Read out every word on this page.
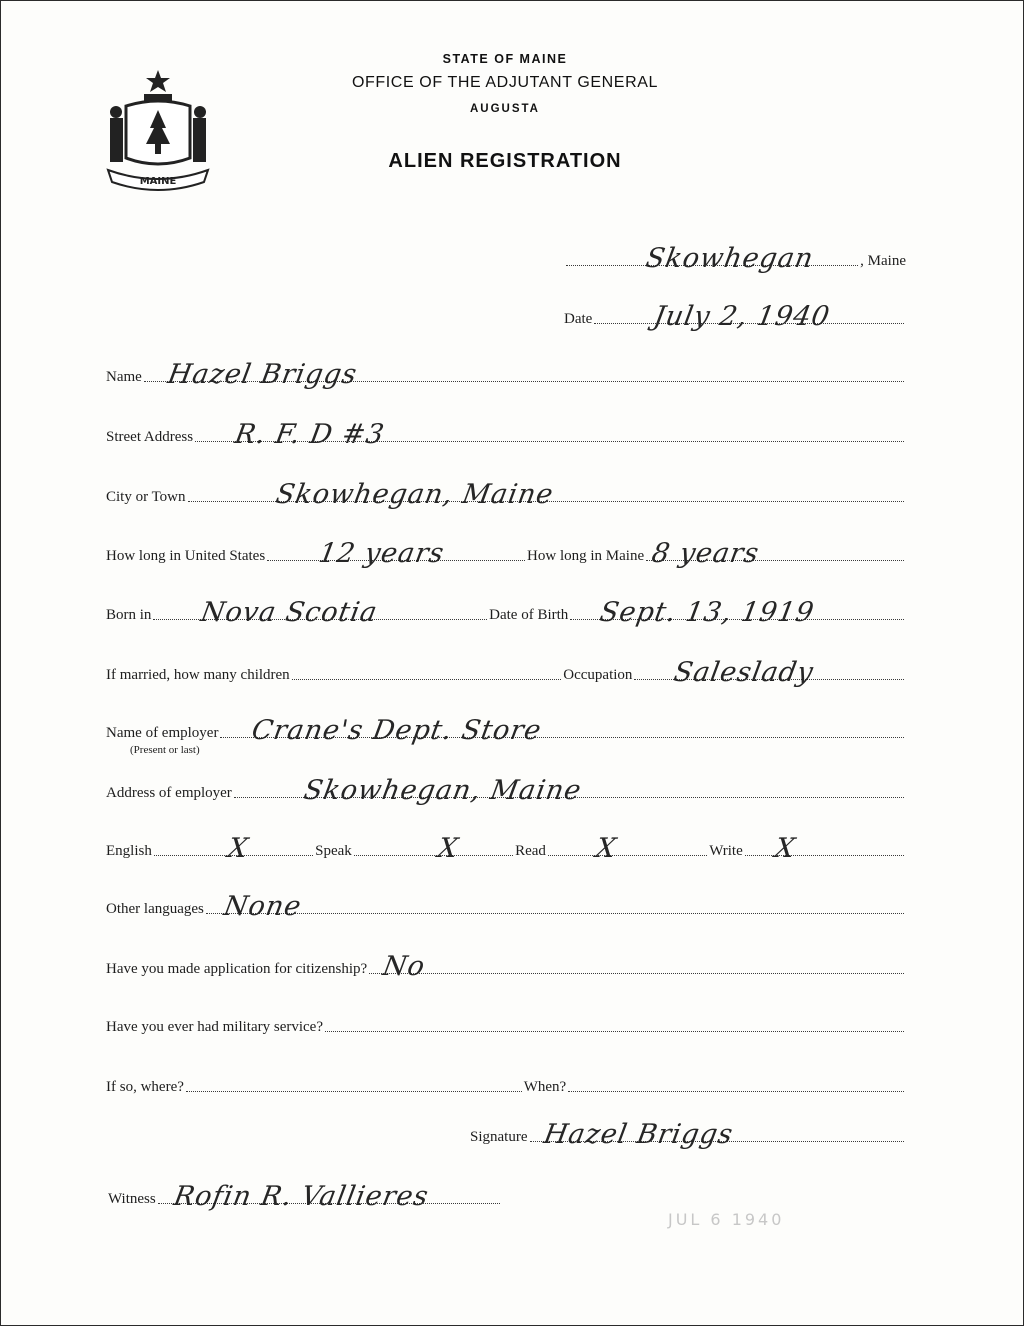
MAINE
STATE OF MAINE
OFFICE OF THE ADJUTANT GENERAL
AUGUSTA
ALIEN REGISTRATION
Skowhegan	, Maine
Date July 2, 1940
Name Hazel Briggs
Street Address R. F. D #3
City or Town	Skowhegan, Maine
How long in United States 12 years	How long in Maine 8 years
Born in Nova Scotia	Date of Birth Sept. 13, 1919
If married, how many children	Occupation Saleslady
Name of employer Crane's Dept. Store
(Present or last)
Address of employer	Skowhegan, Maine
English	X	Speak	X	Read X	Write X
Other languages None
Have you made application for citizenship? No
Have you ever had military service?
If so, where?	When?
Signature Hazel Briggs
Witness Rofin R. Vallieres
JUL 6 1940
